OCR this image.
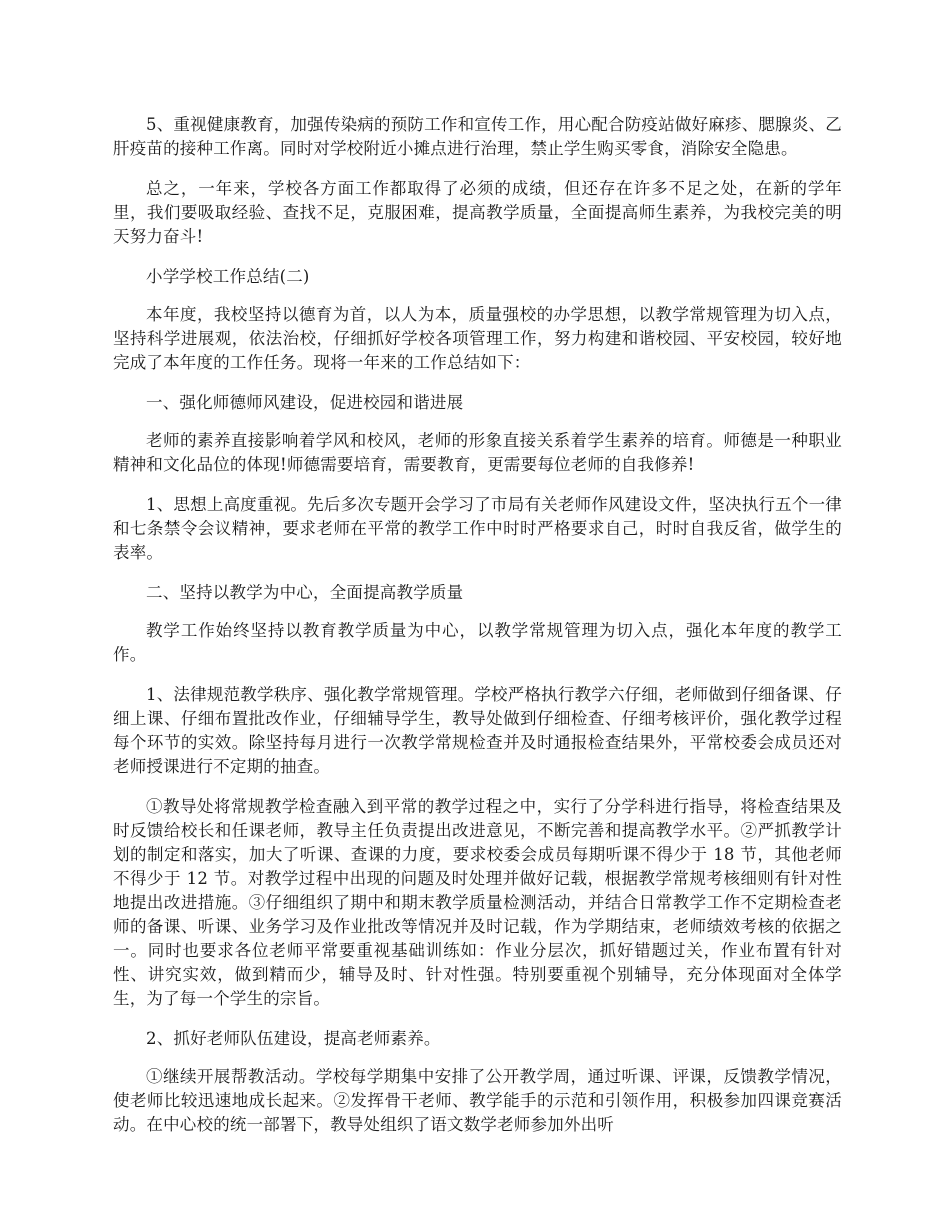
5、重视健康教育，加强传染病的预防工作和宣传工作，用心配合防疫站做好麻疹、腮腺炎、乙肝疫苗的接种工作离。同时对学校附近小摊点进行治理，禁止学生购买零食，消除安全隐患。

总之，一年来，学校各方面工作都取得了必须的成绩，但还存在许多不足之处，在新的学年里，我们要吸取经验、查找不足，克服困难，提高教学质量，全面提高师生素养，为我校完美的明天努力奋斗!

小学学校工作总结(二)

本年度，我校坚持以德育为首，以人为本，质量强校的办学思想，以教学常规管理为切入点，坚持科学进展观，依法治校，仔细抓好学校各项管理工作，努力构建和谐校园、平安校园，较好地完成了本年度的工作任务。现将一年来的工作总结如下：

一、强化师德师风建设，促进校园和谐进展

老师的素养直接影响着学风和校风，老师的形象直接关系着学生素养的培育。师德是一种职业精神和文化品位的体现!师德需要培育，需要教育，更需要每位老师的自我修养!

1、思想上高度重视。先后多次专题开会学习了市局有关老师作风建设文件，坚决执行五个一律和七条禁令会议精神，要求老师在平常的教学工作中时时严格要求自己，时时自我反省，做学生的表率。

二、坚持以教学为中心，全面提高教学质量

教学工作始终坚持以教育教学质量为中心，以教学常规管理为切入点，强化本年度的教学工作。

1、法律规范教学秩序、强化教学常规管理。学校严格执行教学六仔细，老师做到仔细备课、仔细上课、仔细布置批改作业，仔细辅导学生，教导处做到仔细检查、仔细考核评价，强化教学过程每个环节的实效。除坚持每月进行一次教学常规检查并及时通报检查结果外，平常校委会成员还对老师授课进行不定期的抽查。

①教导处将常规教学检查融入到平常的教学过程之中，实行了分学科进行指导，将检查结果及时反馈给校长和任课老师，教导主任负责提出改进意见，不断完善和提高教学水平。②严抓教学计划的制定和落实，加大了听课、查课的力度，要求校委会成员每期听课不得少于 18 节，其他老师不得少于 12 节。对教学过程中出现的问题及时处理并做好记载，根据教学常规考核细则有针对性地提出改进措施。③仔细组织了期中和期末教学质量检测活动，并结合日常教学工作不定期检查老师的备课、听课、业务学习及作业批改等情况并及时记载，作为学期结束，老师绩效考核的依据之一。同时也要求各位老师平常要重视基础训练如：作业分层次，抓好错题过关，作业布置有针对性、讲究实效，做到精而少，辅导及时、针对性强。特别要重视个别辅导，充分体现面对全体学生，为了每一个学生的宗旨。

2、抓好老师队伍建设，提高老师素养。

①继续开展帮教活动。学校每学期集中安排了公开教学周，通过听课、评课，反馈教学情况，使老师比较迅速地成长起来。②发挥骨干老师、教学能手的示范和引领作用，积极参加四课竞赛活动。在中心校的统一部署下，教导处组织了语文数学老师参加外出听
